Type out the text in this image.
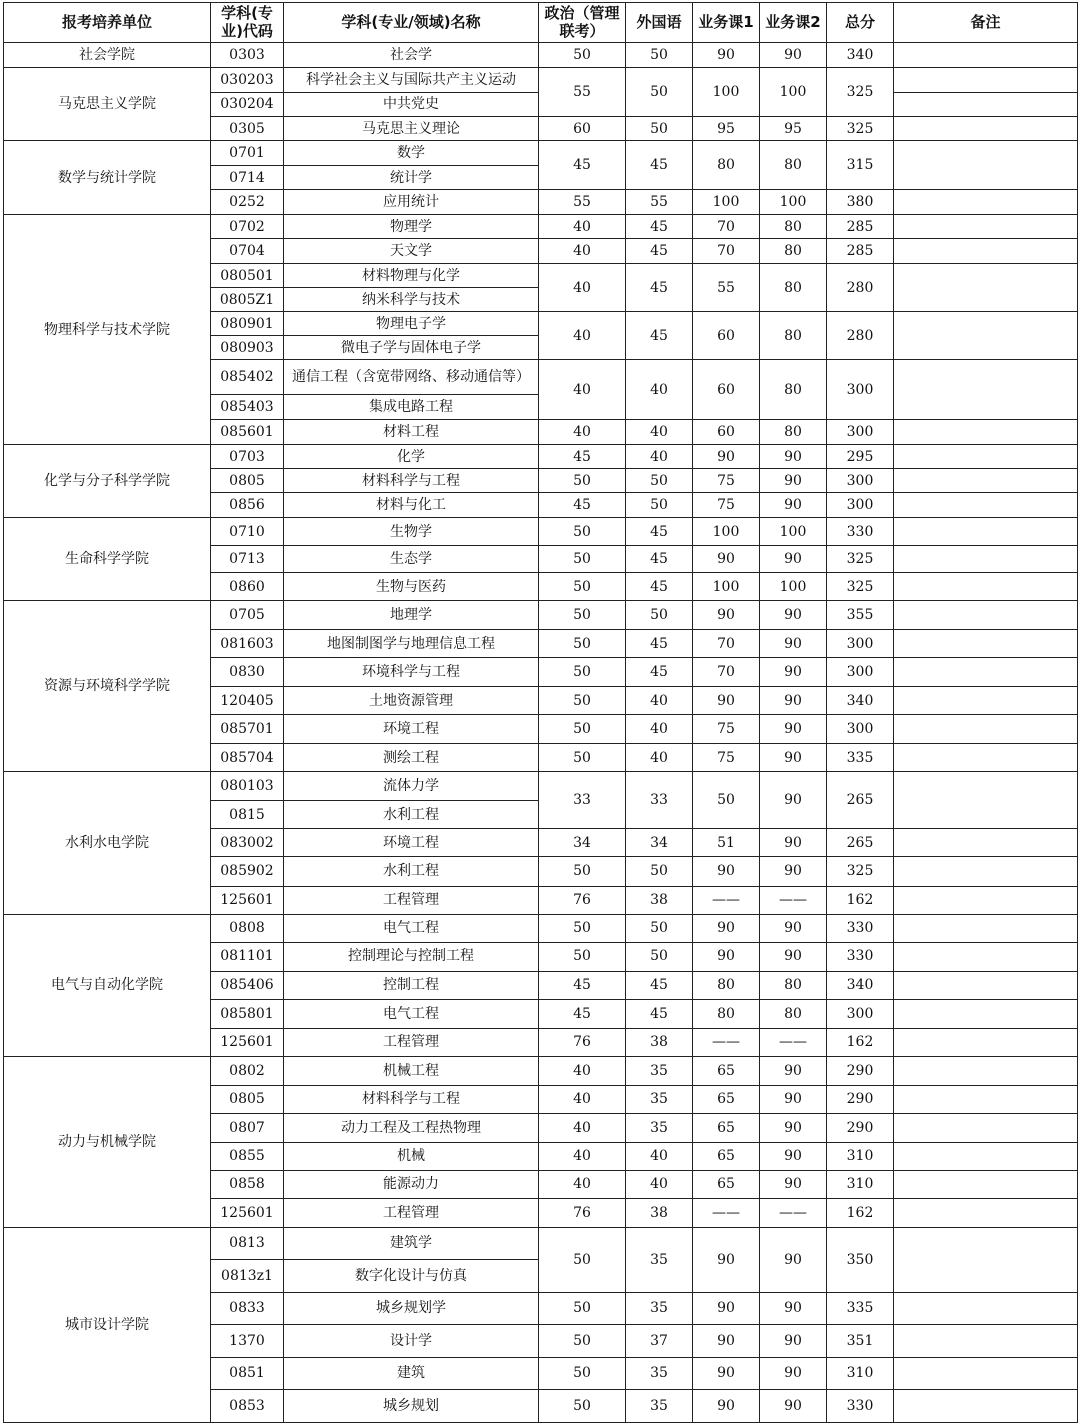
报考培养单位	学科(专业)代码	学科(专业/领域)名称	政治（管理联考）	外国语	业务课1	业务课2	总分	备注
社会学院	0303	社会学	50	50	90	90	340	
马克思主义学院	030203	科学社会主义与国际共产主义运动	55	50	100	100	325	
	030204	中共党史						
	0305	马克思主义理论	60	50	95	95	325	
数学与统计学院	0701	数学	45	45	80	80	315	
	0714	统计学						
	0252	应用统计	55	55	100	100	380	
物理科学与技术学院	0702	物理学	40	45	70	80	285	
	0704	天文学	40	45	70	80	285	
	080501	材料物理与化学	40	45	55	80	280	
	0805Z1	纳米科学与技术						
	080901	物理电子学	40	45	60	80	280	
	080903	微电子学与固体电子学						
	085402	通信工程（含宽带网络、移动通信等）	40	40	60	80	300	
	085403	集成电路工程						
	085601	材料工程	40	40	60	80	300	
化学与分子科学学院	0703	化学	45	40	90	90	295	
	0805	材料科学与工程	50	50	75	90	300	
	0856	材料与化工	45	50	75	90	300	
生命科学学院	0710	生物学	50	45	100	100	330	
	0713	生态学	50	45	90	90	325	
	0860	生物与医药	50	45	100	100	325	
资源与环境科学学院	0705	地理学	50	50	90	90	355	
	081603	地图制图学与地理信息工程	50	45	70	90	300	
	0830	环境科学与工程	50	45	70	90	300	
	120405	土地资源管理	50	40	90	90	340	
	085701	环境工程	50	40	75	90	300	
	085704	测绘工程	50	40	75	90	335	
水利水电学院	080103	流体力学	33	33	50	90	265	
	0815	水利工程						
	083002	环境工程	34	34	51	90	265	
	085902	水利工程	50	50	90	90	325	
	125601	工程管理	76	38	——	——	162	
电气与自动化学院	0808	电气工程	50	50	90	90	330	
	081101	控制理论与控制工程	50	50	90	90	330	
	085406	控制工程	45	45	80	80	340	
	085801	电气工程	45	45	80	80	300	
	125601	工程管理	76	38	——	——	162	
动力与机械学院	0802	机械工程	40	35	65	90	290	
	0805	材料科学与工程	40	35	65	90	290	
	0807	动力工程及工程热物理	40	35	65	90	290	
	0855	机械	40	40	65	90	310	
	0858	能源动力	40	40	65	90	310	
	125601	工程管理	76	38	——	——	162	
城市设计学院	0813	建筑学	50	35	90	90	350	
	0813z1	数字化设计与仿真						
	0833	城乡规划学	50	35	90	90	335	
	1370	设计学	50	37	90	90	351	
	0851	建筑	50	35	90	90	310	
	0853	城乡规划	50	35	90	90	330	
